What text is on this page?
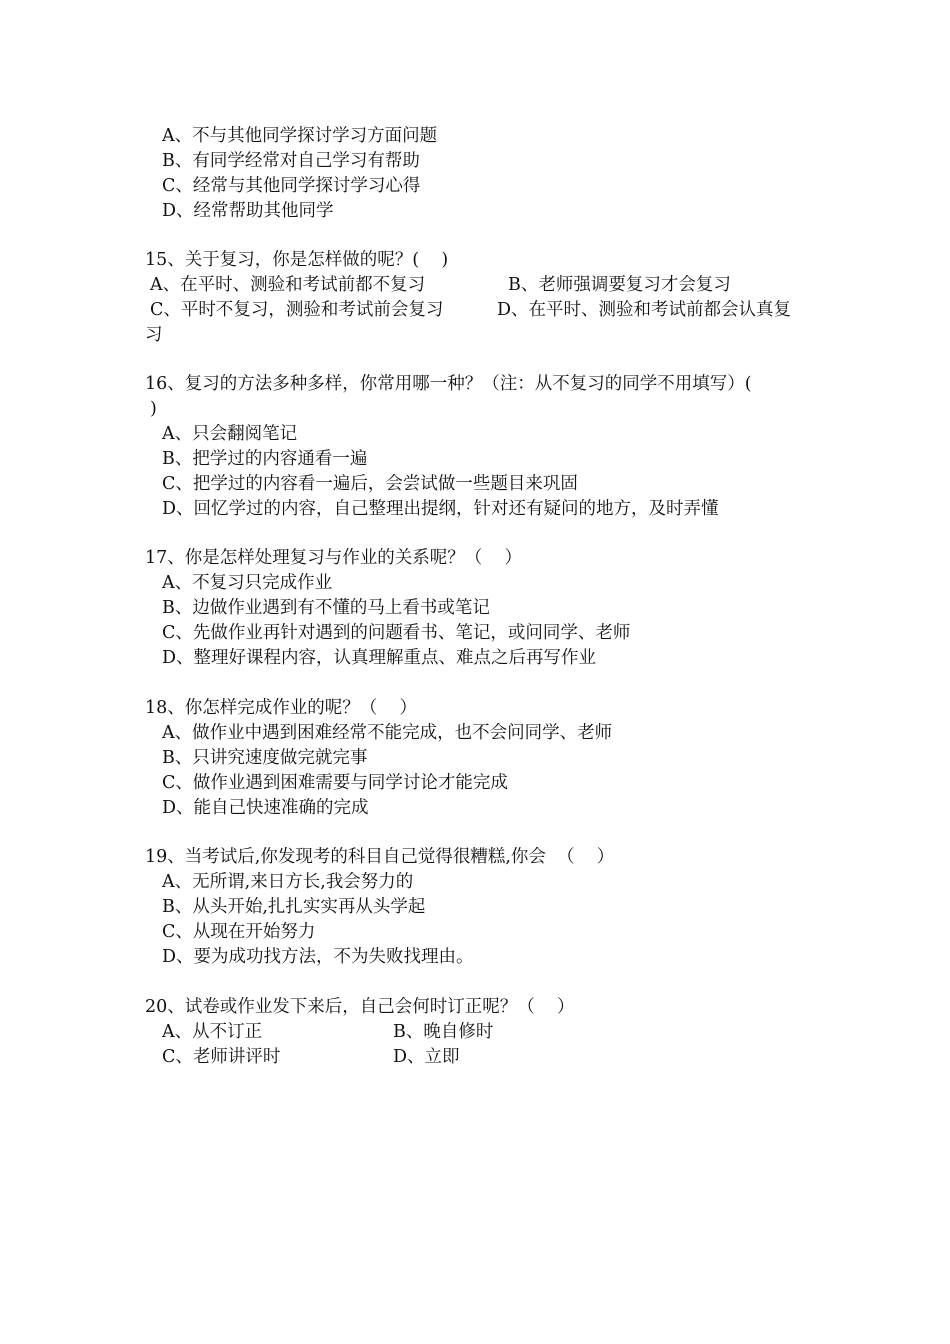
A、不与其他同学探讨学习方面问题
B、有同学经常对自己学习有帮助
C、经常与其他同学探讨学习心得
D、经常帮助其他同学
15、关于复习，你是怎样做的呢？(    )
A、在平时、测验和考试前都不复习	B、老师强调要复习才会复习
C、平时不复习，测验和考试前会复习	D、在平时、测验和考试前都会认真复
习
16、复习的方法多种多样，你常用哪一种？（注：从不复习的同学不用填写）(
)
A、只会翻阅笔记
B、把学过的内容通看一遍
C、把学过的内容看一遍后，会尝试做一些题目来巩固
D、回忆学过的内容，自己整理出提纲，针对还有疑问的地方，及时弄懂
17、你是怎样处理复习与作业的关系呢？（    ）
A、不复习只完成作业
B、边做作业遇到有不懂的马上看书或笔记
C、先做作业再针对遇到的问题看书、笔记，或问同学、老师
D、整理好课程内容，认真理解重点、难点之后再写作业
18、你怎样完成作业的呢？（    ）
A、做作业中遇到困难经常不能完成，也不会问同学、老师
B、只讲究速度做完就完事
C、做作业遇到困难需要与同学讨论才能完成
D、能自己快速准确的完成
19、当考试后,你发现考的科目自己觉得很糟糕,你会  （    ）
A、无所谓,来日方长,我会努力的
B、从头开始,扎扎实实再从头学起
C、从现在开始努力
D、要为成功找方法，不为失败找理由。
20、试卷或作业发下来后，自己会何时订正呢？（    ）
A、从不订正	B、晚自修时
C、老师讲评时	D、立即
